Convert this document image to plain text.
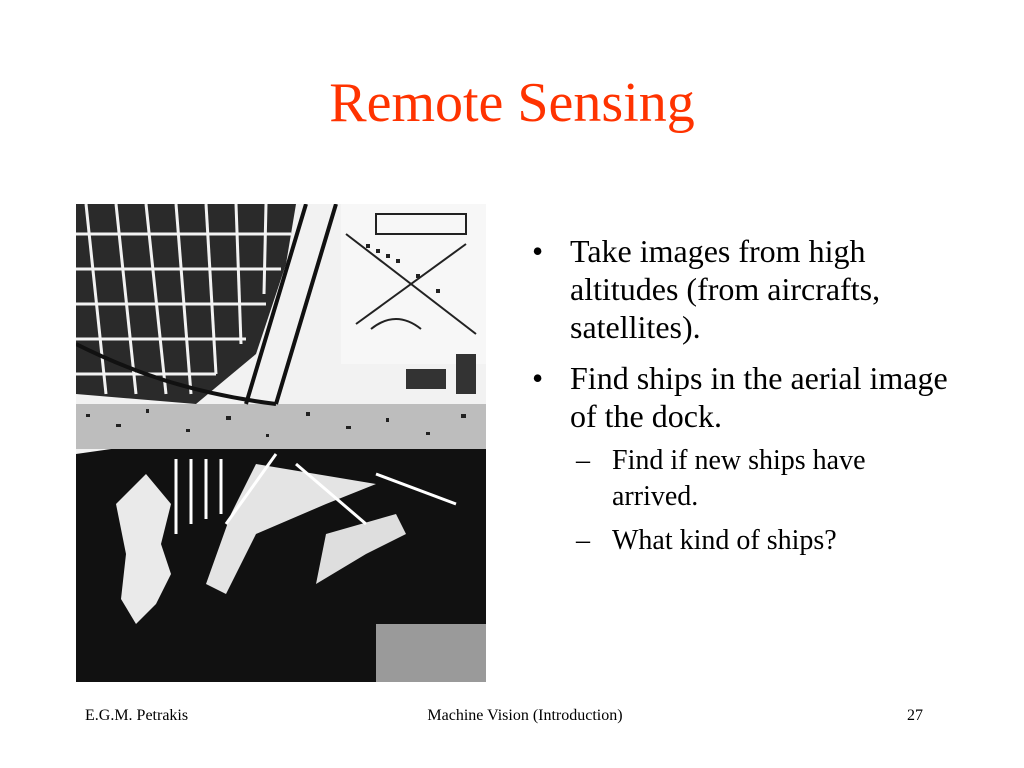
Remote Sensing
• Take images from high altitudes (from aircrafts, satellites).
• Find ships in the aerial image of the dock.
– Find if new ships have arrived.
– What kind of ships?
E.G.M. Petrakis	Machine Vision (Introduction)	27
